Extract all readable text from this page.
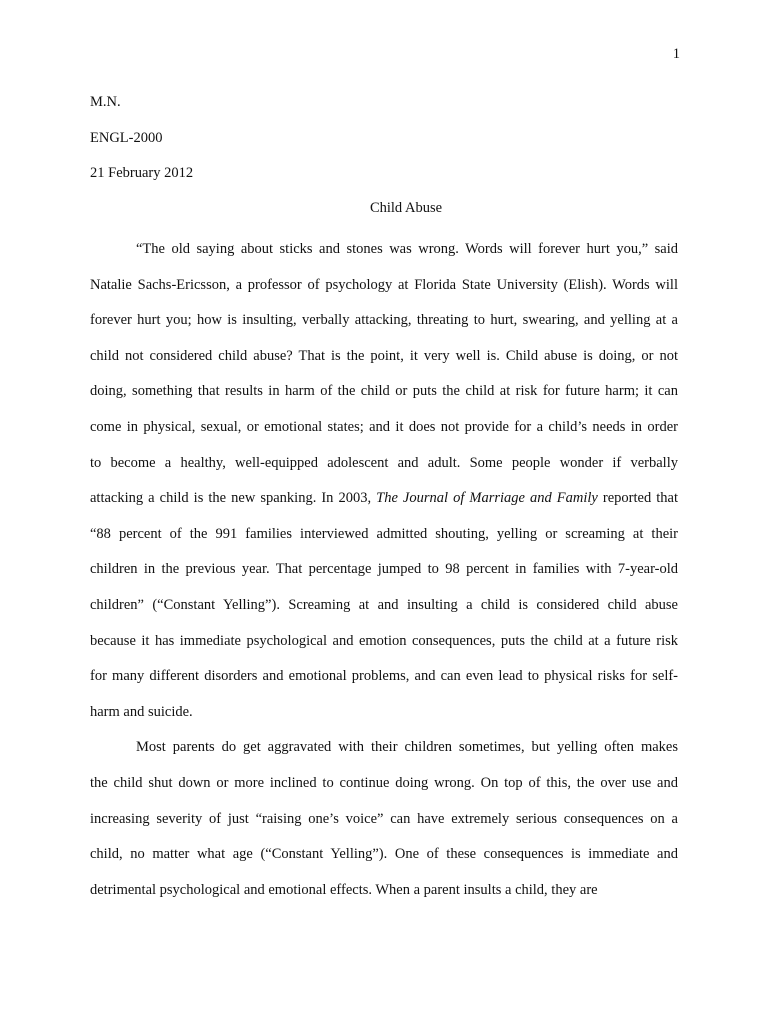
1
M.N.
ENGL-2000
21 February 2012
Child Abuse
“The old saying about sticks and stones was wrong. Words will forever hurt you,” said
Natalie Sachs-Ericsson, a professor of psychology at Florida State University (Elish). Words will
forever hurt you; how is insulting, verbally attacking, threating to hurt, swearing, and yelling at a
child not considered child abuse? That is the point, it very well is. Child abuse is doing, or not
doing, something that results in harm of the child or puts the child at risk for future harm; it can
come in physical, sexual, or emotional states; and it does not provide for a child’s needs in order
to become a healthy, well-equipped adolescent and adult. Some people wonder if verbally
attacking a child is the new spanking. In 2003, The Journal of Marriage and Family reported that
“88 percent of the 991 families interviewed admitted shouting, yelling or screaming at their
children in the previous year. That percentage jumped to 98 percent in families with 7-year-old
children” (“Constant Yelling”). Screaming at and insulting a child is considered child abuse
because it has immediate psychological and emotion consequences, puts the child at a future risk
for many different disorders and emotional problems, and can even lead to physical risks for self-
harm and suicide.
Most parents do get aggravated with their children sometimes, but yelling often makes
the child shut down or more inclined to continue doing wrong. On top of this, the over use and
increasing severity of just “raising one’s voice” can have extremely serious consequences on a
child, no matter what age (“Constant Yelling”). One of these consequences is immediate and
detrimental psychological and emotional effects. When a parent insults a child, they are
